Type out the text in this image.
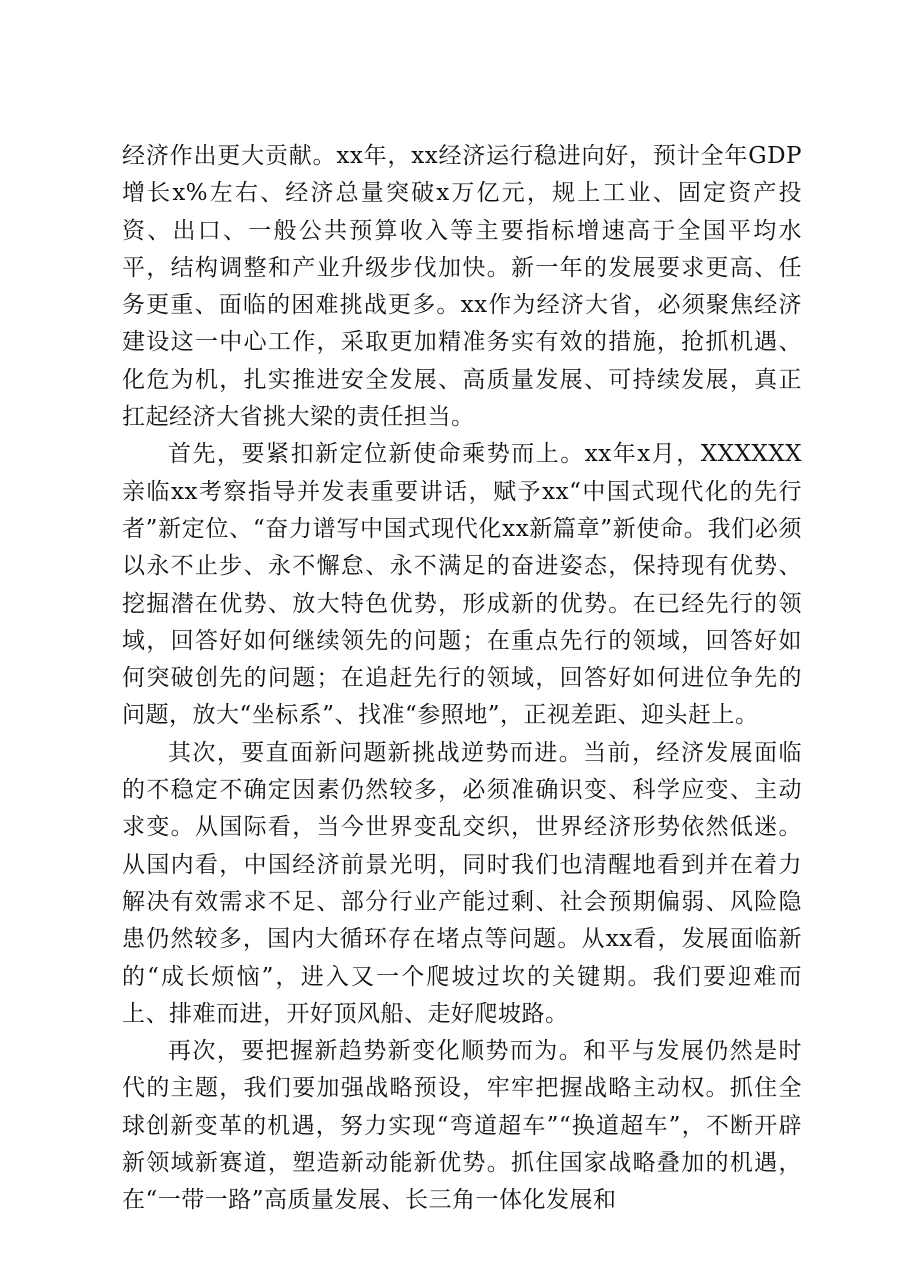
经济作出更大贡献。xx年，xx经济运行稳进向好，预计全年GDP增长x%左右、经济总量突破x万亿元，规上工业、固定资产投资、出口、一般公共预算收入等主要指标增速高于全国平均水平，结构调整和产业升级步伐加快。新一年的发展要求更高、任务更重、面临的困难挑战更多。xx作为经济大省，必须聚焦经济建设这一中心工作，采取更加精准务实有效的措施，抢抓机遇、化危为机，扎实推进安全发展、高质量发展、可持续发展，真正扛起经济大省挑大梁的责任担当。

首先，要紧扣新定位新使命乘势而上。xx年x月，XXXXXX亲临xx考察指导并发表重要讲话，赋予xx“中国式现代化的先行者”新定位、“奋力谱写中国式现代化xx新篇章”新使命。我们必须以永不止步、永不懈怠、永不满足的奋进姿态，保持现有优势、挖掘潜在优势、放大特色优势，形成新的优势。在已经先行的领域，回答好如何继续领先的问题；在重点先行的领域，回答好如何突破创先的问题；在追赶先行的领域，回答好如何进位争先的问题，放大“坐标系”、找准“参照地”，正视差距、迎头赶上。

其次，要直面新问题新挑战逆势而进。当前，经济发展面临的不稳定不确定因素仍然较多，必须准确识变、科学应变、主动求变。从国际看，当今世界变乱交织，世界经济形势依然低迷。从国内看，中国经济前景光明，同时我们也清醒地看到并在着力解决有效需求不足、部分行业产能过剩、社会预期偏弱、风险隐患仍然较多，国内大循环存在堵点等问题。从xx看，发展面临新的“成长烦恼”，进入又一个爬坡过坎的关键期。我们要迎难而上、排难而进，开好顶风船、走好爬坡路。

再次，要把握新趋势新变化顺势而为。和平与发展仍然是时代的主题，我们要加强战略预设，牢牢把握战略主动权。抓住全球创新变革的机遇，努力实现“弯道超车”“换道超车”，不断开辟新领域新赛道，塑造新动能新优势。抓住国家战略叠加的机遇，在“一带一路”高质量发展、长三角一体化发展和
